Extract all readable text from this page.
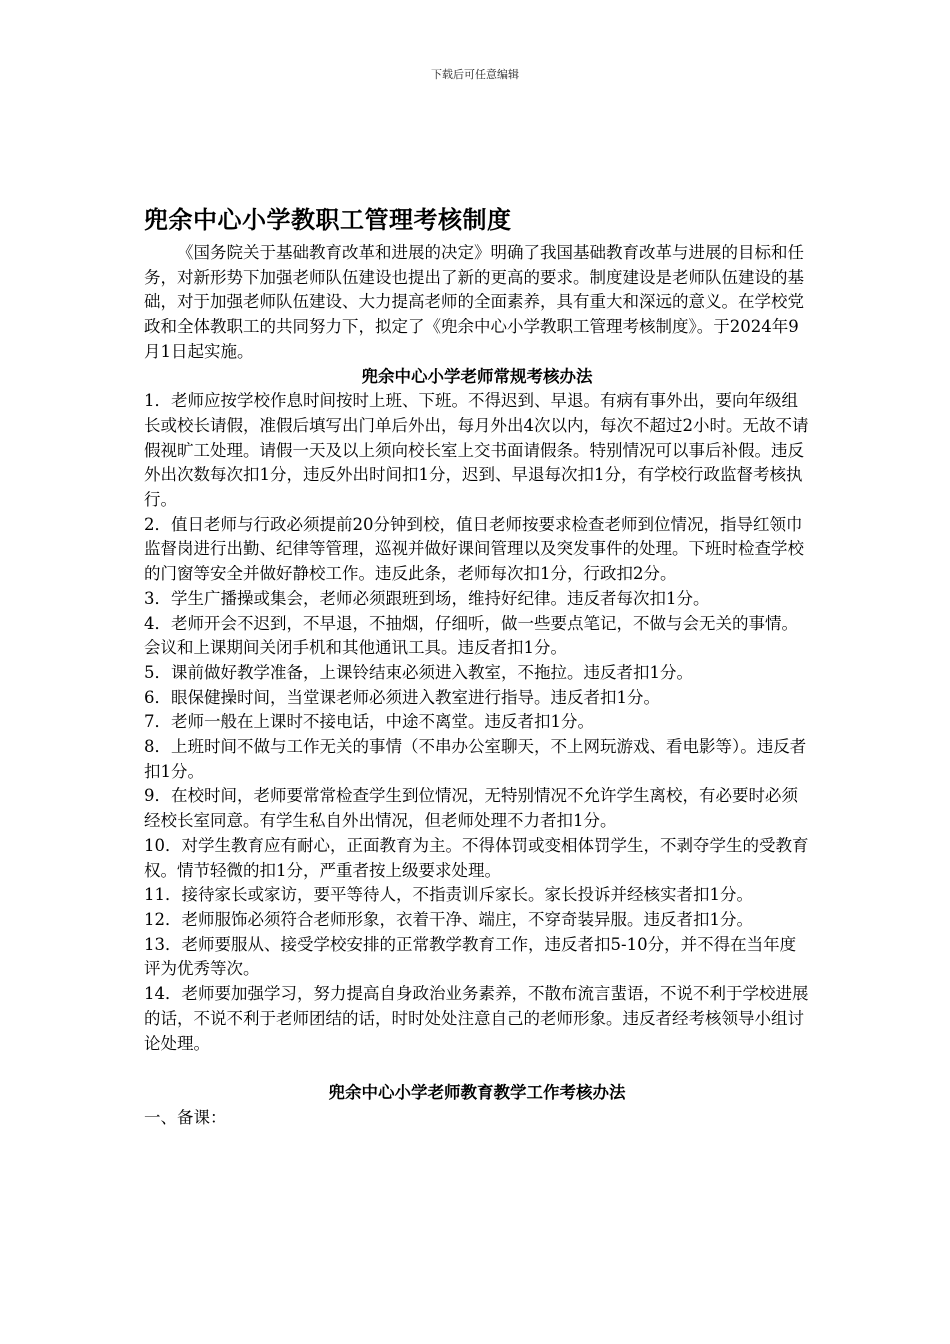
下载后可任意编辑
兜余中心小学教职工管理考核制度

《国务院关于基础教育改革和进展的决定》明确了我国基础教育改革与进展的目标和任务，对新形势下加强老师队伍建设也提出了新的更高的要求。制度建设是老师队伍建设的基础，对于加强老师队伍建设、大力提高老师的全面素养，具有重大和深远的意义。在学校党政和全体教职工的共同努力下，拟定了《兜余中心小学教职工管理考核制度》。于2024年9月1日起实施。

兜余中心小学老师常规考核办法

1．老师应按学校作息时间按时上班、下班。不得迟到、早退。有病有事外出，要向年级组长或校长请假，准假后填写出门单后外出，每月外出4次以内，每次不超过2小时。无故不请假视旷工处理。请假一天及以上须向校长室上交书面请假条。特别情况可以事后补假。违反外出次数每次扣1分，违反外出时间扣1分，迟到、早退每次扣1分，有学校行政监督考核执行。

2．值日老师与行政必须提前20分钟到校，值日老师按要求检查老师到位情况，指导红领巾监督岗进行出勤、纪律等管理，巡视并做好课间管理以及突发事件的处理。下班时检查学校的门窗等安全并做好静校工作。违反此条，老师每次扣1分，行政扣2分。

3．学生广播操或集会，老师必须跟班到场，维持好纪律。违反者每次扣1分。

4．老师开会不迟到，不早退，不抽烟，仔细听，做一些要点笔记，不做与会无关的事情。会议和上课期间关闭手机和其他通讯工具。违反者扣1分。

5．课前做好教学准备，上课铃结束必须进入教室，不拖拉。违反者扣1分。

6．眼保健操时间，当堂课老师必须进入教室进行指导。违反者扣1分。

7．老师一般在上课时不接电话，中途不离堂。违反者扣1分。

8．上班时间不做与工作无关的事情（不串办公室聊天，不上网玩游戏、看电影等）。违反者扣1分。

9．在校时间，老师要常常检查学生到位情况，无特别情况不允许学生离校，有必要时必须经校长室同意。有学生私自外出情况，但老师处理不力者扣1分。

10．对学生教育应有耐心，正面教育为主。不得体罚或变相体罚学生，不剥夺学生的受教育权。情节轻微的扣1分，严重者按上级要求处理。

11．接待家长或家访，要平等待人，不指责训斥家长。家长投诉并经核实者扣1分。

12．老师服饰必须符合老师形象，衣着干净、端庄，不穿奇装异服。违反者扣1分。

13．老师要服从、接受学校安排的正常教学教育工作，违反者扣5-10分，并不得在当年度评为优秀等次。

14．老师要加强学习，努力提高自身政治业务素养，不散布流言蜚语，不说不利于学校进展的话，不说不利于老师团结的话，时时处处注意自己的老师形象。违反者经考核领导小组讨论处理。

兜余中心小学老师教育教学工作考核办法

一、备课：
